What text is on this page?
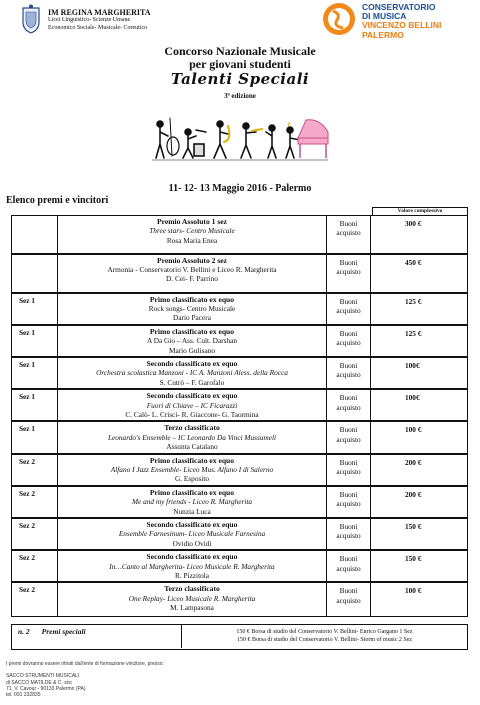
IM REGINA MARGHERITA
Licei Linguistico- Scienze Umane
Economico Sociale- Musicale- Coreutico
CONSERVATORIO
DI MUSICA
VINCENZO BELLINI
PALERMO
Concorso Nazionale Musicale
per giovani studenti
Talenti Speciali
3ª edizione
11- 12- 13 Maggio 2016 - Palermo
Elenco premi e vincitori
Valore complessivo

	Premio Assoluto 1 sez
Three stars- Centro Musicale
Rosa Maria Enea	Buoni acquisto	300 €

	Premio Assoluto 2 sez
Armonia - Conservatorio V. Bellini e Liceo R. Margherita
D. Cei- F. Parrino	Buoni acquisto	450 €
Sez 1	Primo classificato ex equo
Rock songs- Centro Musicale
Dario Pacera	Buoni acquisto	125 €
Sez 1	Primo classificato ex equo
A Da Gio – Ass. Cult. Darshan
Mario Gulisano	Buoni acquisto	125 €
Sez 1	Secondo classificato ex equo
Orchestra scolastica Manzoni - IC A. Manzoni Aless. della Rocca
S. Cutrò – F. Garofalo	Buoni acquisto	100€
Sez 1	Secondo classificato ex equo
Fuori di Chiave – IC Ficarazzi
C. Calò- L. Crisci- R. Giaccone- G. Taormina	Buoni acquisto	100€
Sez 1	Terzo classificato
Leonardo's Ensemble – IC Leonardo Da Vinci Mussumeli
Assunta Catalano	Buoni acquisto	100 €
Sez 2	Primo classificato ex equo
Alfano I Jazz Ensemble- Liceo Mus. Alfano I di Salerno
G. Esposito	Buoni acquisto	200 €
Sez 2	Primo classificato ex equo
Me and my friends - Liceo R. Margherita
Nunzia Luca	Buoni acquisto	200 €
Sez 2	Secondo classificato ex equo
Ensemble Farnesinum- Liceo Musicale Farnesina
Ovidio Ovidi	Buoni acquisto	150 €
Sez 2	Secondo classificato ex equo
In…Canto al Margherita- Liceo Musicale R. Margherita
R. Pizzitola	Buoni acquisto	150 €
Sez 2	Terzo classificato
One Replay- Liceo Musicale R. Margherita
M. Lampasona	Buoni acquisto	100 €
n. 2 Premi speciali	150 € Borsa di studio del Conservatorio V. Bellini- Enrico Gargano 1 Sez
150 € Borsa di studio del Conservatorio V. Bellini- Storm of music 2 Sez
I premi dovranno essere ritirati dall'ente di formazione vincitore, presso:
SACCO STRUMENTI MUSICALI
di SACCO MATILDE & C. snc
71, V. Cavour - 90133 Palermo (PA)
tel. 091 332835
